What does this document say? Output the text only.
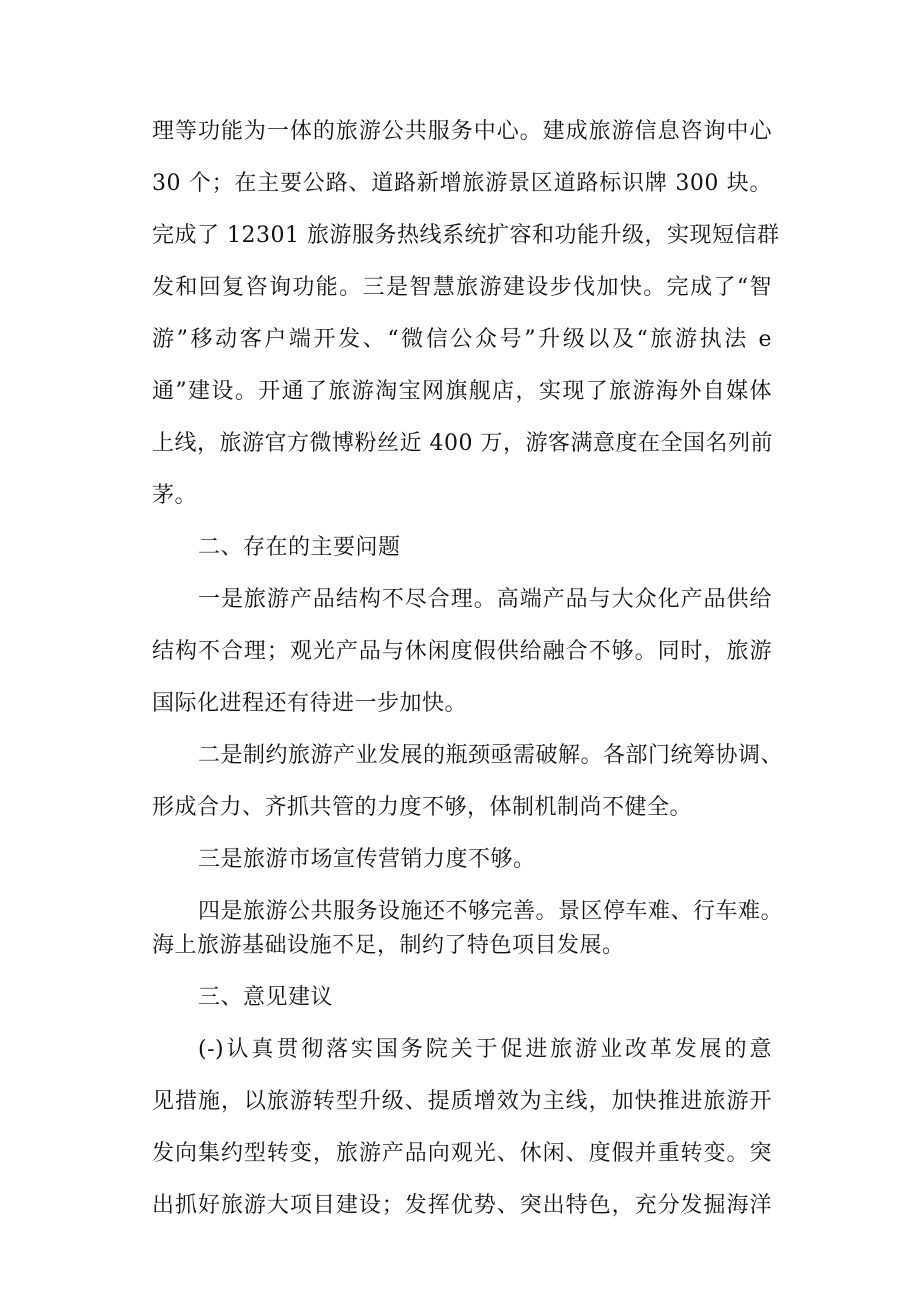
理等功能为一体的旅游公共服务中心。建成旅游信息咨询中心
30 个；在主要公路、道路新增旅游景区道路标识牌 300 块。
完成了 12301 旅游服务热线系统扩容和功能升级，实现短信群
发和回复咨询功能。三是智慧旅游建设步伐加快。完成了“智
游”移动客户端开发、“微信公众号”升级以及“旅游执法 e
通”建设。开通了旅游淘宝网旗舰店，实现了旅游海外自媒体
上线，旅游官方微博粉丝近 400 万，游客满意度在全国名列前
茅。
二、存在的主要问题
一是旅游产品结构不尽合理。高端产品与大众化产品供给
结构不合理；观光产品与休闲度假供给融合不够。同时，旅游
国际化进程还有待进一步加快。
二是制约旅游产业发展的瓶颈亟需破解。各部门统筹协调、
形成合力、齐抓共管的力度不够，体制机制尚不健全。
三是旅游市场宣传营销力度不够。
四是旅游公共服务设施还不够完善。景区停车难、行车难。
海上旅游基础设施不足，制约了特色项目发展。
三、意见建议
(-)认真贯彻落实国务院关于促进旅游业改革发展的意
见措施，以旅游转型升级、提质增效为主线，加快推进旅游开
发向集约型转变，旅游产品向观光、休闲、度假并重转变。突
出抓好旅游大项目建设；发挥优势、突出特色，充分发掘海洋
